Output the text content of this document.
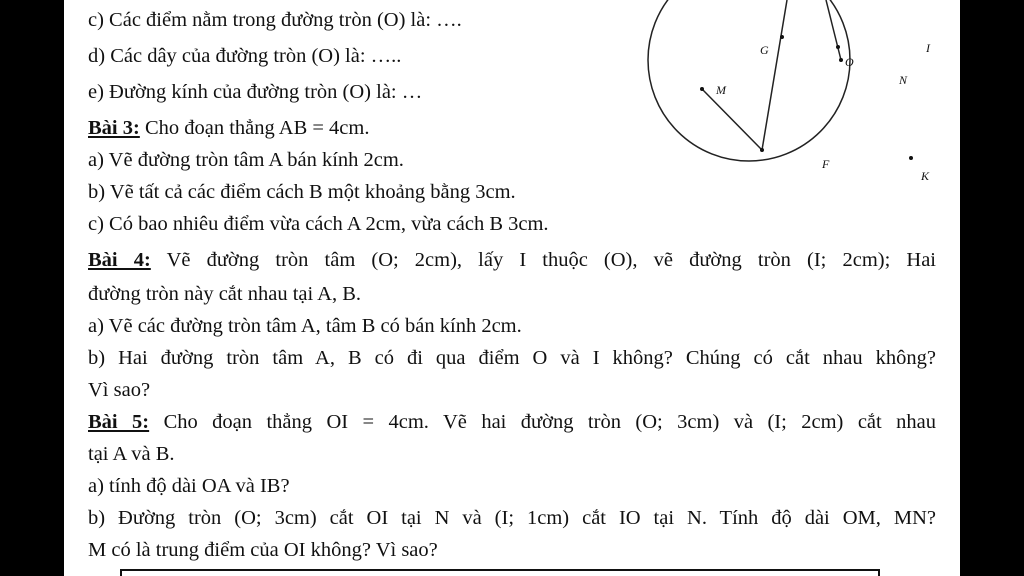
c) Các điểm nằm trong đường tròn (O) là: ….
d) Các dây của đường tròn (O) là: …..
e) Đường kính của đường tròn (O) là: …
Bài 3: Cho đoạn thẳng AB = 4cm.
a) Vẽ đường tròn tâm A bán kính 2cm.
b) Vẽ tất cả các điểm cách B một khoảng bằng 3cm.
c) Có bao nhiêu điểm vừa cách A 2cm, vừa cách B 3cm.
Bài 4: Vẽ đường tròn tâm (O; 2cm), lấy I thuộc (O), vẽ đường tròn (I; 2cm); Hai
đường tròn này cắt nhau tại A, B.
a) Vẽ các đường tròn tâm A, tâm B có bán kính 2cm.
b) Hai đường tròn tâm A, B có đi qua điểm O và I không? Chúng có cắt nhau không?
Vì sao?
Bài 5: Cho đoạn thẳng OI = 4cm. Vẽ hai đường tròn (O; 3cm) và (I; 2cm) cắt nhau
tại A và B.
a) tính độ dài OA và IB?
b) Đường tròn (O; 3cm) cắt OI tại N và (I; 1cm) cắt IO tại N. Tính độ dài OM, MN?
M có là trung điểm của OI không? Vì sao?
G
O
I
N
M
F
K
